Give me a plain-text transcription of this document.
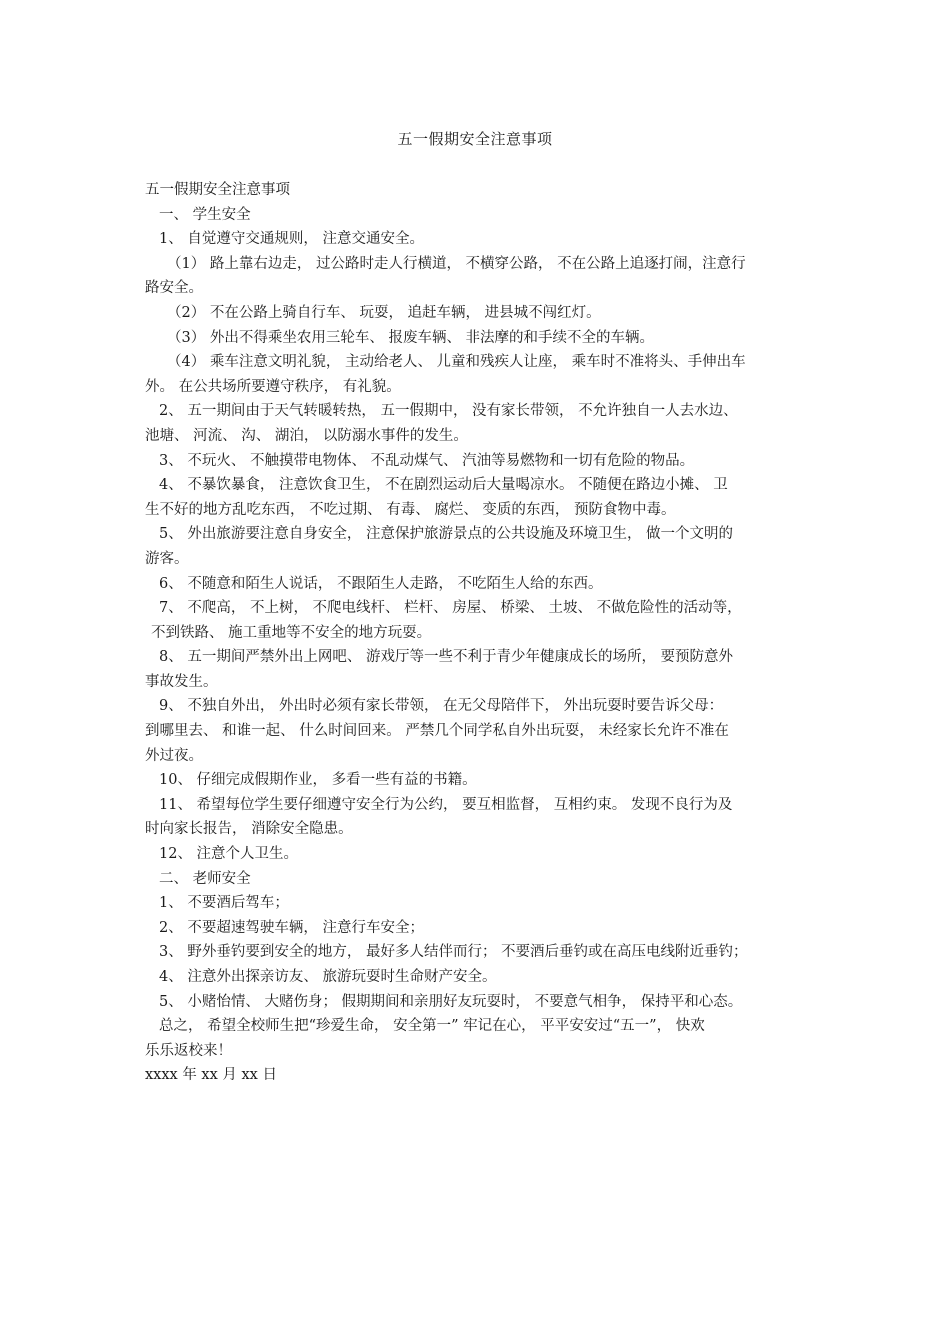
五一假期安全注意事项

五一假期安全注意事项

一、 学生安全

1、 自觉遵守交通规则， 注意交通安全。

（1） 路上靠右边走， 过公路时走人行横道， 不横穿公路， 不在公路上追逐打闹，注意行

路安全。

（2） 不在公路上骑自行车、 玩耍， 追赶车辆， 进县城不闯红灯。

（3） 外出不得乘坐农用三轮车、 报废车辆、 非法摩的和手续不全的车辆。

（4） 乘车注意文明礼貌， 主动给老人、 儿童和残疾人让座， 乘车时不准将头、手伸出车

外。 在公共场所要遵守秩序， 有礼貌。

2、 五一期间由于天气转暖转热， 五一假期中， 没有家长带领， 不允许独自一人去水边、

池塘、 河流、 沟、 湖泊， 以防溺水事件的发生。

3、 不玩火、 不触摸带电物体、 不乱动煤气、 汽油等易燃物和一切有危险的物品。

4、 不暴饮暴食， 注意饮食卫生， 不在剧烈运动后大量喝凉水。 不随便在路边小摊、 卫

生不好的地方乱吃东西， 不吃过期、 有毒、 腐烂、 变质的东西， 预防食物中毒。

5、 外出旅游要注意自身安全， 注意保护旅游景点的公共设施及环境卫生， 做一个文明的

游客。

6、 不随意和陌生人说话， 不跟陌生人走路， 不吃陌生人给的东西。

7、 不爬高， 不上树， 不爬电线杆、 栏杆、 房屋、 桥梁、 土坡、 不做危险性的活动等，

不到铁路、 施工重地等不安全的地方玩耍。

8、 五一期间严禁外出上网吧、 游戏厅等一些不利于青少年健康成长的场所， 要预防意外

事故发生。

9、 不独自外出， 外出时必须有家长带领， 在无父母陪伴下， 外出玩耍时要告诉父母：

到哪里去、 和谁一起、 什么时间回来。 严禁几个同学私自外出玩耍， 未经家长允许不准在

外过夜。

10、 仔细完成假期作业， 多看一些有益的书籍。

11、 希望每位学生要仔细遵守安全行为公约， 要互相监督， 互相约束。 发现不良行为及

时向家长报告， 消除安全隐患。

12、 注意个人卫生。

二、 老师安全

1、 不要酒后驾车；

2、 不要超速驾驶车辆， 注意行车安全；

3、 野外垂钓要到安全的地方， 最好多人结伴而行； 不要酒后垂钓或在高压电线附近垂钓；

4、 注意外出探亲访友、 旅游玩耍时生命财产安全。

5、 小赌怡情、 大赌伤身； 假期期间和亲朋好友玩耍时， 不要意气相争， 保持平和心态。

总之， 希望全校师生把“珍爱生命， 安全第一” 牢记在心， 平平安安过“五一”， 快欢

乐乐返校来！

xxxx 年 xx 月 xx 日
